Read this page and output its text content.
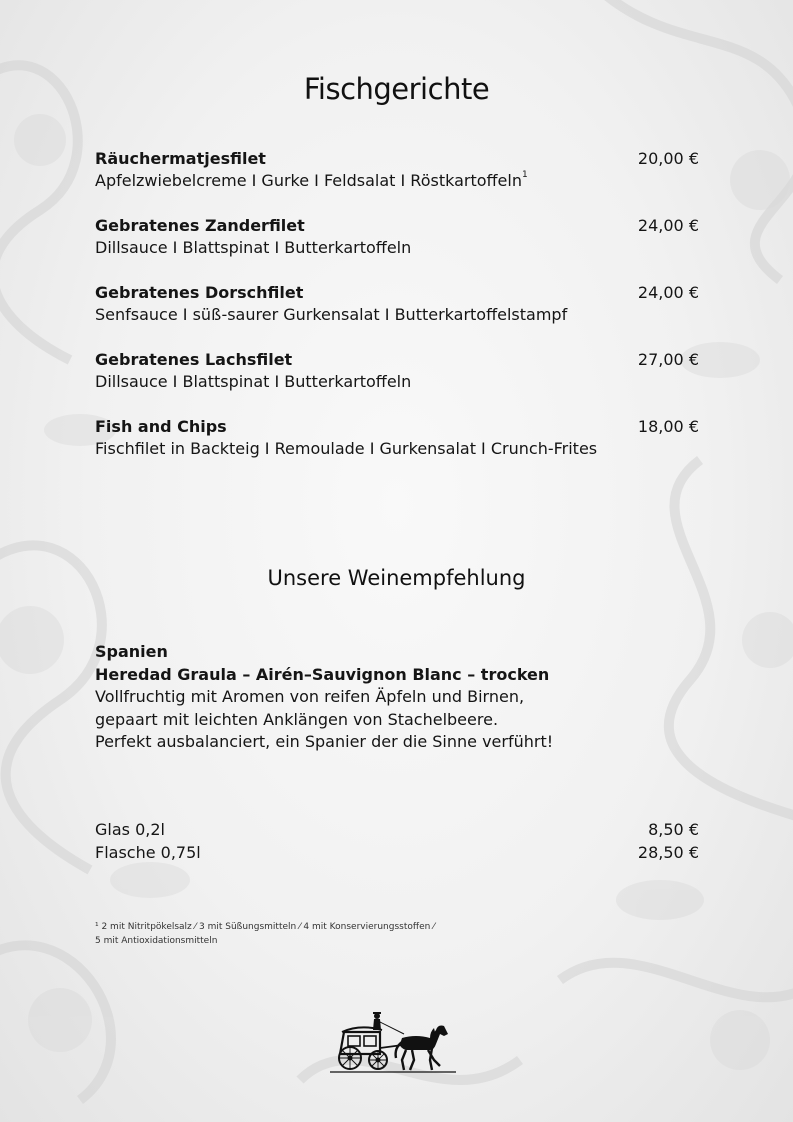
Fischgerichte
Räuchermatjesfilet
Apfelzwiebelcreme I Gurke I Feldsalat I Röstkartoffeln$^1$
20,00 €
Gebratenes Zanderfilet
Dillsauce I Blattspinat I Butterkartoffeln
24,00 €
Gebratenes Dorschfilet
Senfsauce I süß-saurer Gurkensalat I Butterkartoffelstampf
24,00 €
Gebratenes Lachsfilet
Dillsauce I Blattspinat I Butterkartoffeln
27,00 €
Fish and Chips
Fischfilet in Backteig I Remoulade I Gurkensalat I Crunch-Frites
18,00 €
Unsere Weinempfehlung
Spanien
Heredad Graula – Airén–Sauvignon Blanc – trocken
Vollfruchtig mit Aromen von reifen Äpfeln und Birnen,
gepaart mit leichten Anklängen von Stachelbeere.
Perfekt ausbalanciert, ein Spanier der die Sinne verführt!
Glas 0,2l	8,50 €
Flasche 0,75l	28,50 €
¹ 2 mit Nitritpökelsalz ⁄ 3 mit Süßungsmitteln ⁄ 4 mit Konservierungsstoffen ⁄
5 mit Antioxidationsmitteln
